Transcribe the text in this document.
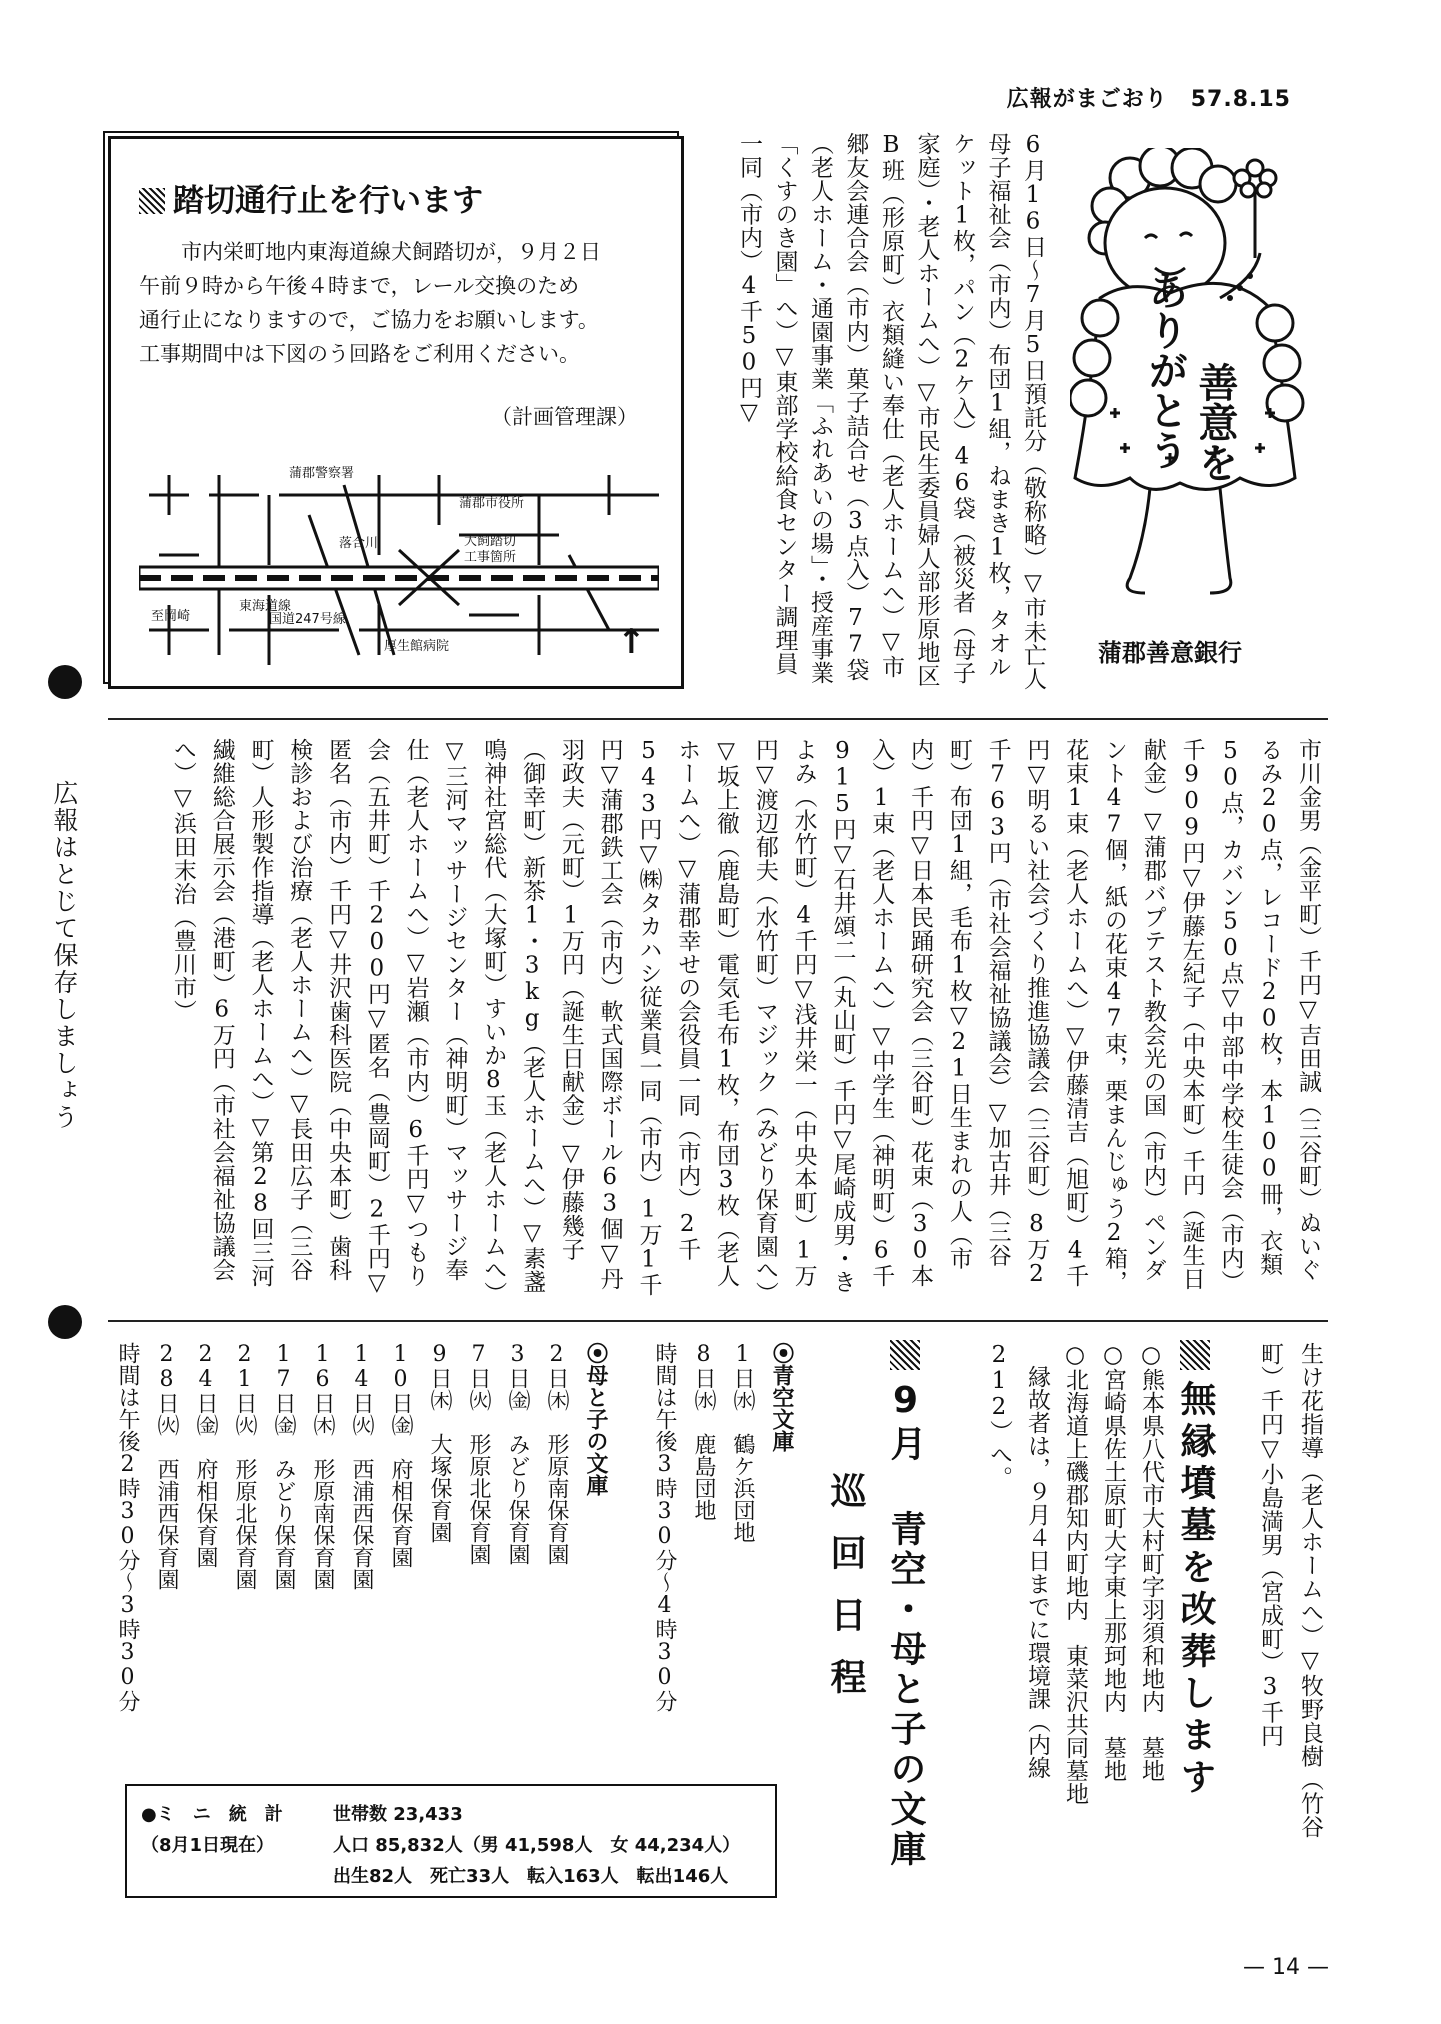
広報がまごおり　57.8.15
踏切通行止を行います

市内栄町地内東海道線犬飼踏切が，９月２日

午前９時から午後４時まで，レール交換のため

通行止になりますので，ご協力をお願いします。

工事期間中は下図のう回路をご利用ください。

（計画管理課）
蒲郡警察署
蒲郡市役所
落合川	犬飼踏切
工事箇所
東海道線
至岡崎	国道247号線
厚生館病院	↑

善意を
ありがとう

蒲郡善意銀行
6月16日〜7月5日預託分（敬称略）▽市未亡人母子福祉会（市内）布団1組，ねまき1枚，タオルケット1枚，パン（2ケ入）46袋（被災者（母子家庭）・老人ホームへ）▽市民生委員婦人部形原地区B班（形原町）衣類縫い奉仕（老人ホームへ）▽市郷友会連合会（市内）菓子詰合せ（3点入）77袋（老人ホーム・通園事業「ふれあいの場」・授産事業「くすのき園」へ）▽東部学校給食センター調理員一同（市内）4千50円▽
市川金男（金平町）千円▽吉田誠（三谷町）ぬいぐるみ20点，レコード20枚，本100冊，衣類50点，カバン50点▽中部中学校生徒会（市内）千909円▽伊藤左紀子（中央本町）千円（誕生日献金）▽蒲郡バプテスト教会光の国（市内）ペンダント47個，紙の花束47束，栗まんじゅう2箱，花束1束（老人ホームへ）▽伊藤清吉（旭町）4千円▽明るい社会づくり推進協議会（三谷町）8万2千763円（市社会福祉協議会）▽加古井（三谷町）布団1組，毛布1枚▽21日生まれの人（市内）千円▽日本民踊研究会（三谷町）花束（30本入）1束（老人ホームへ）▽中学生（神明町）6千915円▽石井頌二（丸山町）千円▽尾崎成男・きよみ（水竹町）4千円▽浅井栄一（中央本町）1万円▽渡辺郁夫（水竹町）マジック（みどり保育園へ）▽坂上徹（鹿島町）電気毛布1枚，布団3枚（老人ホームへ）▽蒲郡幸せの会役員一同（市内）2千543円▽㈱タカハシ従業員一同（市内）1万1千円▽蒲郡鉄工会（市内）軟式国際ボール63個▽丹羽政夫（元町）1万円（誕生日献金）▽伊藤幾子（御幸町）新茶1・3kg（老人ホームへ）▽素盞鳴神社宮総代（大塚町）すいか8玉（老人ホームへ）▽三河マッサージセンター（神明町）マッサージ奉仕（老人ホームへ）▽岩瀬（市内）6千円▽つもり会（五井町）千200円▽匿名（豊岡町）2千円▽匿名（市内）千円▽井沢歯科医院（中央本町）歯科検診および治療（老人ホームへ）▽長田広子（三谷町）人形製作指導（老人ホームへ）▽第28回三河繊維総合展示会（港町）6万円（市社会福祉協議会へ）▽浜田末治（豊川市）
広報はとじて保存しましょう
生け花指導（老人ホームへ）▽牧野良樹（竹谷町）千円▽小島満男（宮成町）3千円
無縁墳墓を改葬します

○熊本県八代市大村町字羽須和地内　墓地

○宮崎県佐土原町大字東上那珂地内　墓地

○北海道上磯郡知内町地内　東菜沢共同墓地

縁故者は，９月４日までに環境課（内線212）へ。

9月 青空・母と子の文庫
巡回日程

⦿青空文庫

1日㈬　鶴ケ浜団地

8日㈬　鹿島団地

時間は午後3時30分〜4時30分

⦿母と子の文庫

2日㈭　形原南保育園

3日㈮　みどり保育園

7日㈫　形原北保育園

9日㈭　大塚保育園

10日㈮　府相保育園

14日㈫　西浦西保育園

16日㈭　形原南保育園

17日㈮　みどり保育園

21日㈫　形原北保育園

24日㈮　府相保育園

28日㈫　西浦西保育園

時間は午後2時30分〜3時30分

●ミ　ニ　統　計	世帯数 23,433
（8月1日現在）	人口 85,832人（男 41,598人　女 44,234人）
出生82人　死亡33人　転入163人　転出146人
— 14 —
